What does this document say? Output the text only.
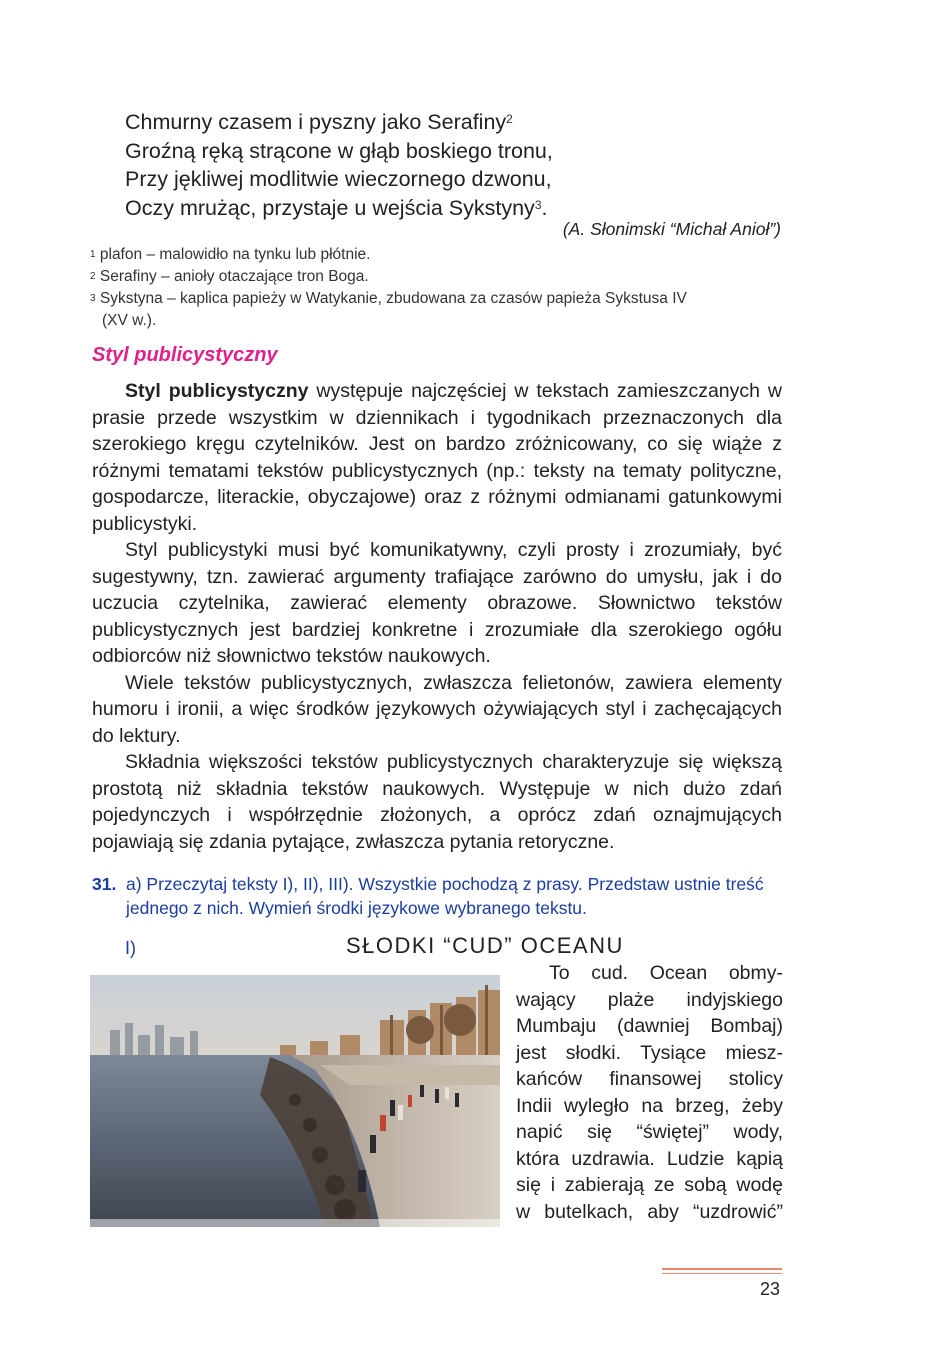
Chmurny czasem i pyszny jako Serafiny$^2$
Groźną ręką strącone w głąb boskiego tronu,
Przy jękliwej modlitwie wieczornego dzwonu,
Oczy mrużąc, przystaje u wejścia Sykstyny$^3$.
(A. Słonimski “Michał Anioł”)
$^1$ plafon – malowidło na tynku lub płótnie.
$^2$ Serafiny – anioły otaczające tron Boga.
$^3$ Sykstyna – kaplica papieży w Watykanie, zbudowana za czasów papieża Sykstusa IV
(XV w.).
Styl publicystyczny

Styl publicystyczny występuje najczęściej w tekstach zamieszczanych w prasie przede wszystkim w dziennikach i tygodnikach przeznaczonych dla szerokiego kręgu czytelników. Jest on bardzo zróżnicowany, co się wiąże z różnymi tematami tekstów publicystycznych (np.: teksty na tematy polityczne, gospodarcze, literackie, obyczajowe) oraz z różnymi odmianami gatunkowymi publicystyki.

Styl publicystyki musi być komunikatywny, czyli prosty i zrozumiały, być sugestywny, tzn. zawierać argumenty trafiające zarówno do umysłu, jak i do uczucia czytelnika, zawierać elementy obrazowe. Słownictwo tekstów publicystycznych jest bardziej konkretne i zrozumiałe dla szerokiego ogółu odbiorców niż słownictwo tekstów naukowych.

Wiele tekstów publicystycznych, zwłaszcza felietonów, zawiera elementy humoru i ironii, a więc środków językowych ożywiających styl i zachęcających do lektury.

Składnia większości tekstów publicystycznych charakteryzuje się większą prostotą niż składnia tekstów naukowych. Występuje w nich dużo zdań pojedynczych i współrzędnie złożonych, a oprócz zdań oznajmujących pojawiają się zdania pytające, zwłaszcza pytania retoryczne.

31. a) Przeczytaj teksty I), II), III). Wszystkie pochodzą z prasy. Przedstaw ustnie treść jednego z nich. Wymień środki językowe wybranego tekstu.
I)	SŁODKI “CUD” OCEANU
To cud. Ocean obmy-
wający plaże indyjskiego
Mumbaju (dawniej Bombaj)
jest słodki. Tysiące miesz-
kańców finansowej stolicy
Indii wyległo na brzeg, żeby
napić się “świętej” wody,
która uzdrawia. Ludzie kąpią
się i zabierają ze sobą wodę
w butelkach, aby “uzdrowić”
23
